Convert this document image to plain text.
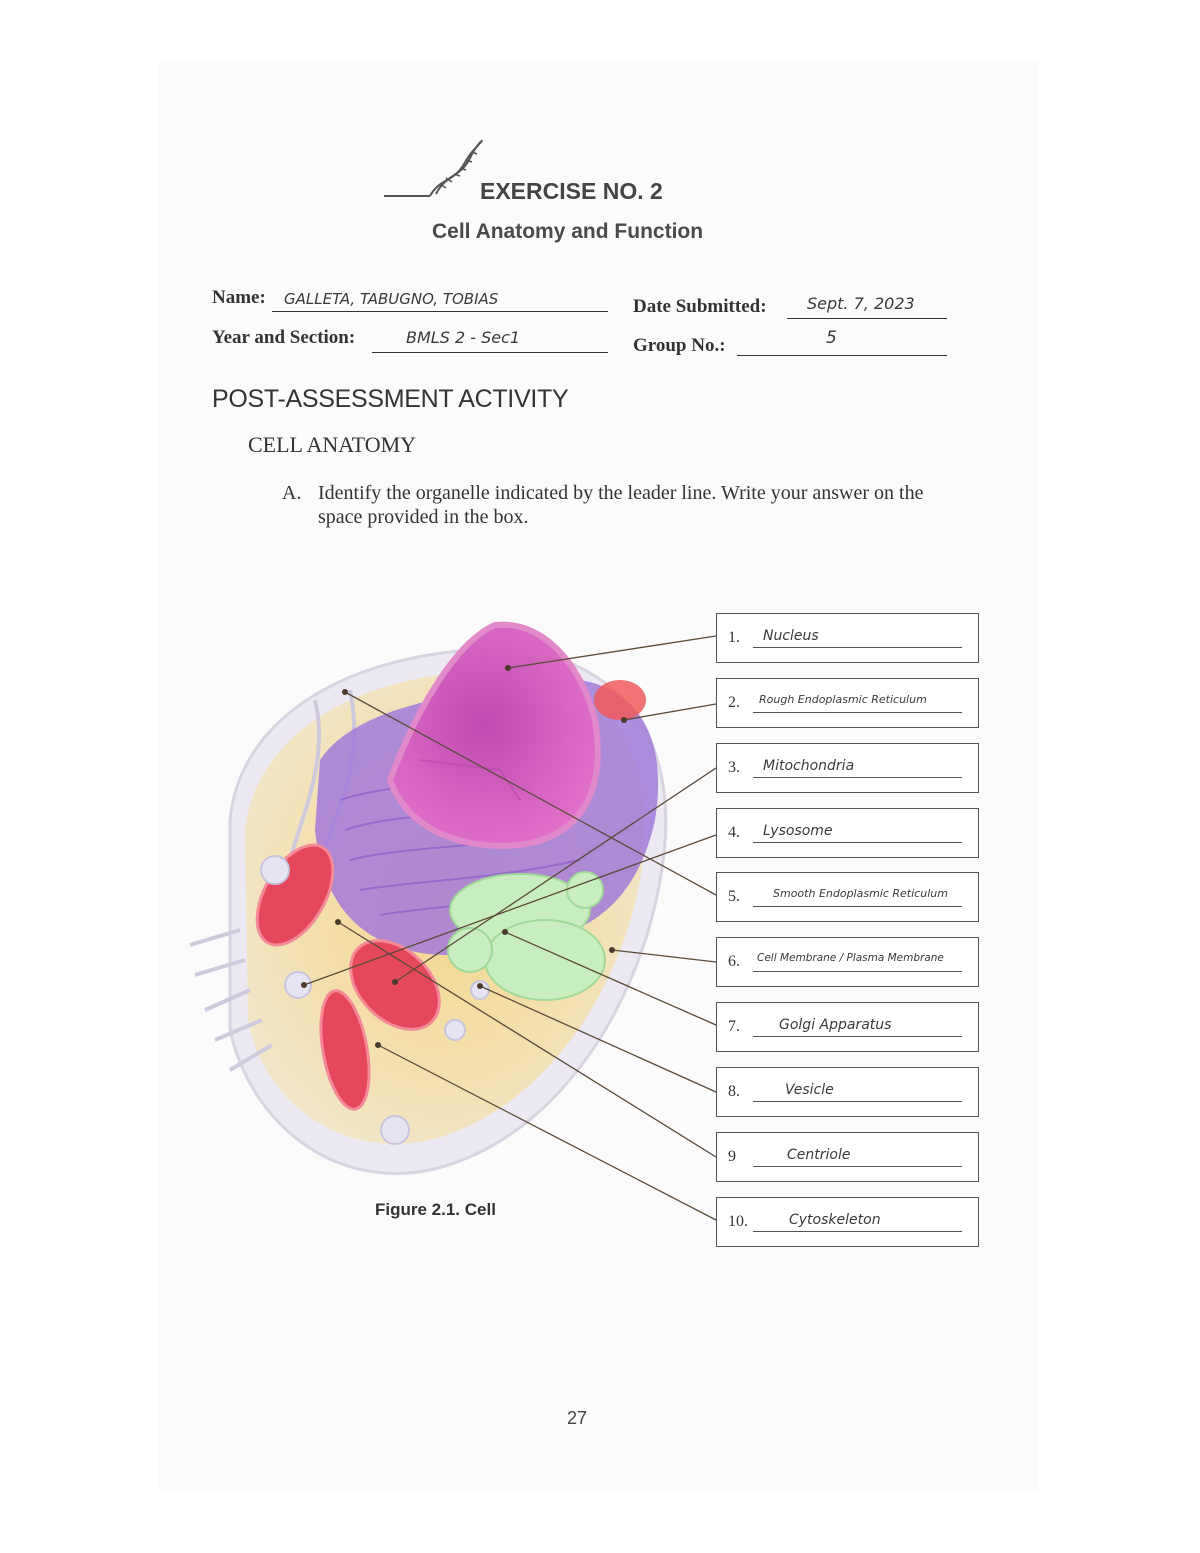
EXERCISE NO. 2
Cell Anatomy and Function
Name: GALLETA, TABUGNO, TOBIAS	Date Submitted:	Sept. 7, 2023
Year and Section:	BMLS 2 - Sec1	Group No.:	5
POST-ASSESSMENT ACTIVITY
CELL ANATOMY
A. Identify the organelle indicated by the leader line. Write your answer on the space provided in the box.
1. Nucleus
2. Rough Endoplasmic Reticulum
3. Mitochondria
4. Lysosome
5.	Smooth Endoplasmic Reticulum
6. Cell Membrane / Plasma Membrane
7.	Golgi Apparatus
8.	Vesicle
9	Centriole
10.	Cytoskeleton
Figure 2.1. Cell
27
